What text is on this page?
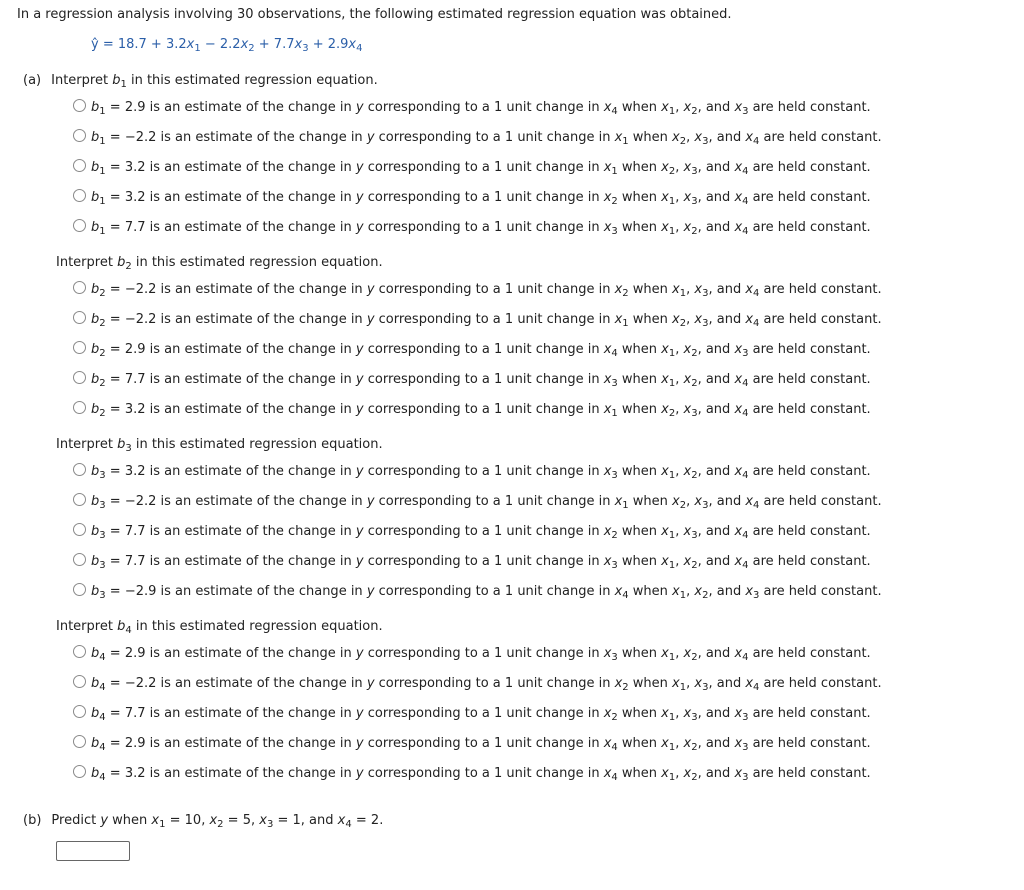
In a regression analysis involving 30 observations, the following estimated regression equation was obtained.
ŷ = $18.7 + 3.2x_1 - 2.2x_2 + 7.7x_3 + 2.9x_4$
(a) Interpret $b_1$ in this estimated regression equation.
$b_1 = 2.9$ is an estimate of the change in y corresponding to a 1 unit change in $x_4$ when $x_1$, $x_2$, and $x_3$ are held constant.
$b_1 = -2.2$ is an estimate of the change in y corresponding to a 1 unit change in $x_1$ when $x_2$, $x_3$, and $x_4$ are held constant.
$b_1 = 3.2$ is an estimate of the change in y corresponding to a 1 unit change in $x_1$ when $x_2$, $x_3$, and $x_4$ are held constant.
$b_1 = 3.2$ is an estimate of the change in y corresponding to a 1 unit change in $x_2$ when $x_1$, $x_3$, and $x_4$ are held constant.
$b_1 = 7.7$ is an estimate of the change in y corresponding to a 1 unit change in $x_3$ when $x_1$, $x_2$, and $x_4$ are held constant.
Interpret $b_2$ in this estimated regression equation.
$b_2 = -2.2$ is an estimate of the change in y corresponding to a 1 unit change in $x_2$ when $x_1$, $x_3$, and $x_4$ are held constant.
$b_2 = -2.2$ is an estimate of the change in y corresponding to a 1 unit change in $x_1$ when $x_2$, $x_3$, and $x_4$ are held constant.
$b_2 = 2.9$ is an estimate of the change in y corresponding to a 1 unit change in $x_4$ when $x_1$, $x_2$, and $x_3$ are held constant.
$b_2 = 7.7$ is an estimate of the change in y corresponding to a 1 unit change in $x_3$ when $x_1$, $x_2$, and $x_4$ are held constant.
$b_2 = 3.2$ is an estimate of the change in y corresponding to a 1 unit change in $x_1$ when $x_2$, $x_3$, and $x_4$ are held constant.
Interpret $b_3$ in this estimated regression equation.
$b_3 = 3.2$ is an estimate of the change in y corresponding to a 1 unit change in $x_3$ when $x_1$, $x_2$, and $x_4$ are held constant.
$b_3 = -2.2$ is an estimate of the change in y corresponding to a 1 unit change in $x_1$ when $x_2$, $x_3$, and $x_4$ are held constant.
$b_3 = 7.7$ is an estimate of the change in y corresponding to a 1 unit change in $x_2$ when $x_1$, $x_3$, and $x_4$ are held constant.
$b_3 = 7.7$ is an estimate of the change in y corresponding to a 1 unit change in $x_3$ when $x_1$, $x_2$, and $x_4$ are held constant.
$b_3 = -2.9$ is an estimate of the change in y corresponding to a 1 unit change in $x_4$ when $x_1$, $x_2$, and $x_3$ are held constant.
Interpret $b_4$ in this estimated regression equation.
$b_4 = 2.9$ is an estimate of the change in y corresponding to a 1 unit change in $x_3$ when $x_1$, $x_2$, and $x_4$ are held constant.
$b_4 = -2.2$ is an estimate of the change in y corresponding to a 1 unit change in $x_2$ when $x_1$, $x_3$, and $x_4$ are held constant.
$b_4 = 7.7$ is an estimate of the change in y corresponding to a 1 unit change in $x_2$ when $x_1$, $x_3$, and $x_3$ are held constant.
$b_4 = 2.9$ is an estimate of the change in y corresponding to a 1 unit change in $x_4$ when $x_1$, $x_2$, and $x_3$ are held constant.
$b_4 = 3.2$ is an estimate of the change in y corresponding to a 1 unit change in $x_4$ when $x_1$, $x_2$, and $x_3$ are held constant.
(b) Predict y when $x_1 = 10$, $x_2 = 5$, $x_3 = 1$, and $x_4 = 2$.
